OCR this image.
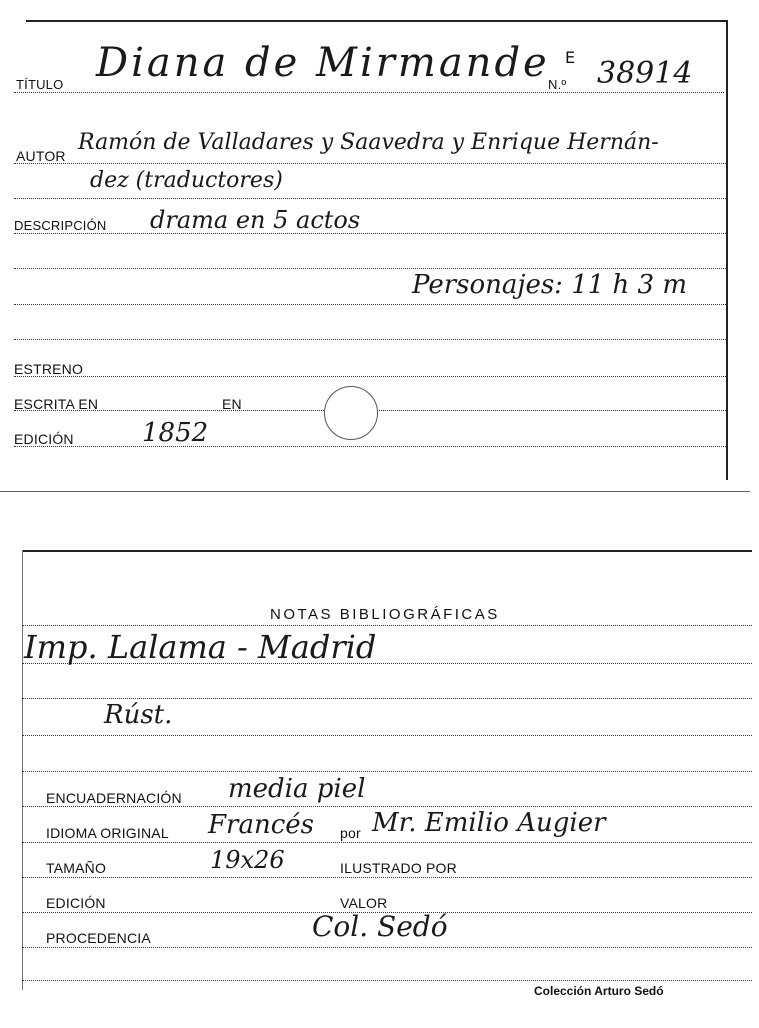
TÍTULO Diana de Mirmande E
N.º 38914
AUTOR
Ramón de Valladares y Saavedra y Enrique Hernán-
dez (traductores)
DESCRIPCIÓN drama en 5 actos
Personajes: 11 h 3 m
ESTRENO
ESCRITA EN	EN
EDICIÓN	1852
NOTAS BIBLIOGRÁFICAS
Imp. Lalama - Madrid
Rúst.
ENCUADERNACIÓN media piel
IDIOMA ORIGINAL Francés por Mr. Emilio Augier
TAMAÑO	19x26	ILUSTRADO POR
EDICIÓN	VALOR
PROCEDENCIA	Col. Sedó
Colección Arturo Sedó
